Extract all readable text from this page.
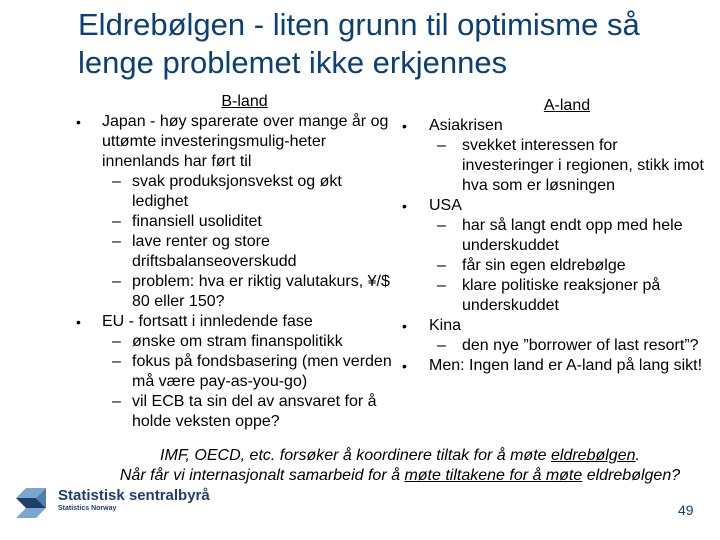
Eldrebølgen - liten grunn til optimisme så lenge problemet ikke erkjennes
B-land

• Japan - høy sparerate over mange år og uttømte investeringsmulig-heter innenlands har ført til

– svak produksjonsvekst og økt ledighet

– finansiell usoliditet

– lave renter og store driftsbalanseoverskudd

– problem: hva er riktig valutakurs, ¥/$ 80 eller 150?

• EU - fortsatt i innledende fase

– ønske om stram finanspolitikk

– fokus på fondsbasering (men verden må være pay-as-you-go)

– vil ECB ta sin del av ansvaret for å holde veksten oppe?

A-land

• Asiakrisen

– svekket interessen for investeringer i regionen, stikk imot hva som er løsningen

• USA

– har så langt endt opp med hele underskuddet

– får sin egen eldrebølge

– klare politiske reaksjoner på underskuddet

• Kina

– den nye ”borrower of last resort”?

• Men: Ingen land er A-land på lang sikt!

IMF, OECD, etc. forsøker å koordinere tiltak for å møte eldrebølgen.
Når får vi internasjonalt samarbeid for å møte tiltakene for å møte eldrebølgen?
Statistisk sentralbyrå
Statistics Norway	49
